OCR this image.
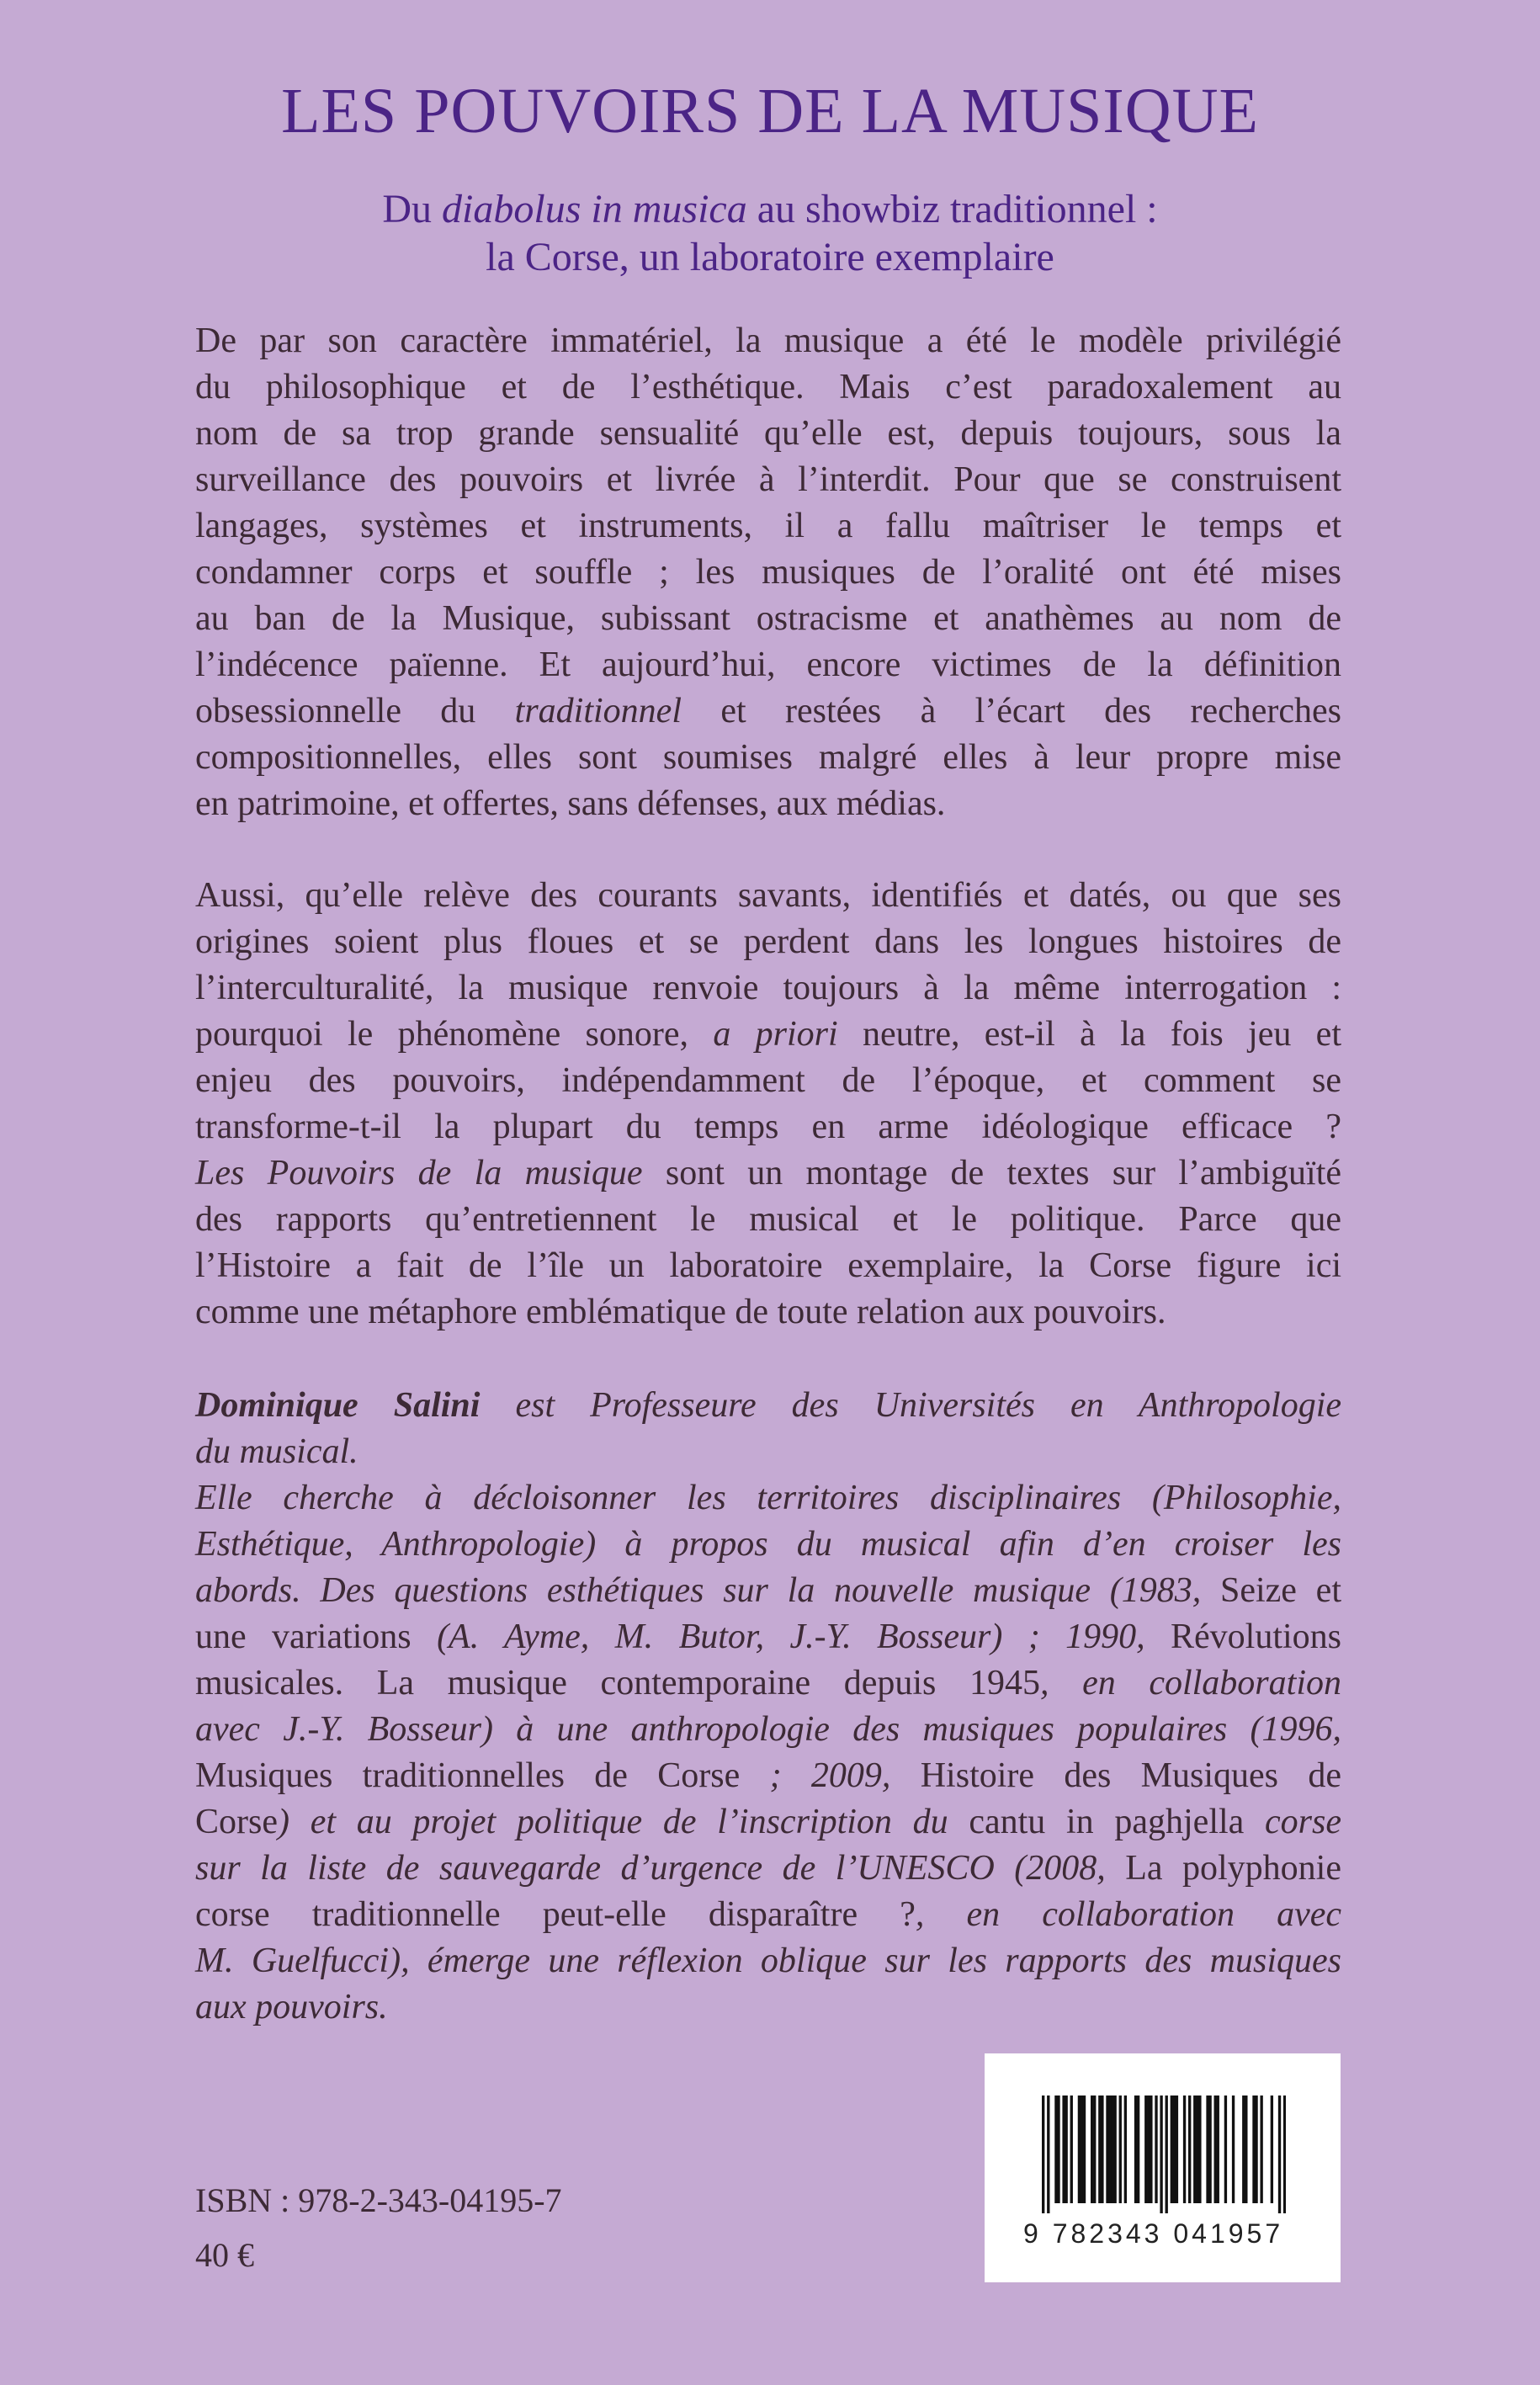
LES POUVOIRS DE LA MUSIQUE
Du diabolus in musica au showbiz traditionnel :
la Corse, un laboratoire exemplaire
De par son caractère immatériel, la musique a été le modèle privilégié
du philosophique et de l’esthétique. Mais c’est paradoxalement au
nom de sa trop grande sensualité qu’elle est, depuis toujours, sous la
surveillance des pouvoirs et livrée à l’interdit. Pour que se construisent
langages, systèmes et instruments, il a fallu maîtriser le temps et
condamner corps et souffle ; les musiques de l’oralité ont été mises
au ban de la Musique, subissant ostracisme et anathèmes au nom de
l’indécence païenne. Et aujourd’hui, encore victimes de la définition
obsessionnelle du traditionnel et restées à l’écart des recherches
compositionnelles, elles sont soumises malgré elles à leur propre mise
en patrimoine, et offertes, sans défenses, aux médias.
Aussi, qu’elle relève des courants savants, identifiés et datés, ou que ses
origines soient plus floues et se perdent dans les longues histoires de
l’interculturalité, la musique renvoie toujours à la même interrogation :
pourquoi le phénomène sonore, a priori neutre, est-il à la fois jeu et
enjeu des pouvoirs, indépendamment de l’époque, et comment se
transforme-t-il la plupart du temps en arme idéologique efficace ?
Les Pouvoirs de la musique sont un montage de textes sur l’ambiguïté
des rapports qu’entretiennent le musical et le politique. Parce que
l’Histoire a fait de l’île un laboratoire exemplaire, la Corse figure ici
comme une métaphore emblématique de toute relation aux pouvoirs.
Dominique Salini est Professeure des Universités en Anthropologie
du musical.
Elle cherche à décloisonner les territoires disciplinaires (Philosophie,
Esthétique, Anthropologie) à propos du musical afin d’en croiser les
abords. Des questions esthétiques sur la nouvelle musique (1983, Seize et
une variations (A. Ayme, M. Butor, J.-Y. Bosseur) ; 1990, Révolutions
musicales. La musique contemporaine depuis 1945, en collaboration
avec J.-Y. Bosseur) à une anthropologie des musiques populaires (1996,
Musiques traditionnelles de Corse ; 2009, Histoire des Musiques de
Corse) et au projet politique de l’inscription du cantu in paghjella corse
sur la liste de sauvegarde d’urgence de l’UNESCO (2008, La polyphonie
corse traditionnelle peut-elle disparaître ?, en collaboration avec
M. Guelfucci), émerge une réflexion oblique sur les rapports des musiques
aux pouvoirs.
9 782343 041957
ISBN : 978-2-343-04195-7
40 €
